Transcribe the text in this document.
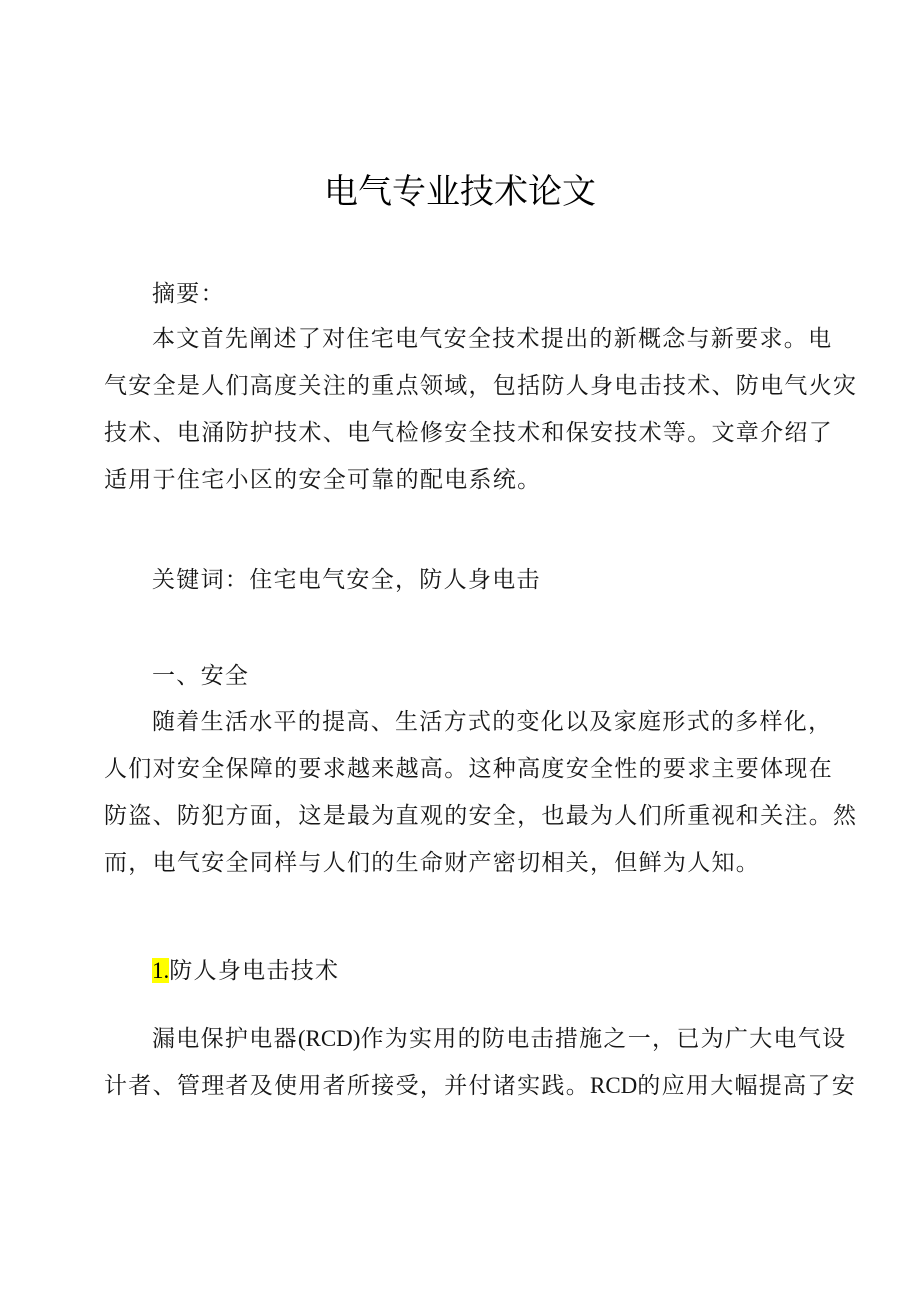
电气专业技术论文

摘要：

本文首先阐述了对住宅电气安全技术提出的新概念与新要求。电

气安全是人们高度关注的重点领域，包括防人身电击技术、防电气火灾

技术、电涌防护技术、电气检修安全技术和保安技术等。文章介绍了

适用于住宅小区的安全可靠的配电系统。

关键词：住宅电气安全，防人身电击

一、安全

随着生活水平的提高、生活方式的变化以及家庭形式的多样化，

人们对安全保障的要求越来越高。这种高度安全性的要求主要体现在

防盗、防犯方面，这是最为直观的安全，也最为人们所重视和关注。然

而，电气安全同样与人们的生命财产密切相关，但鲜为人知。

1.防人身电击技术

漏电保护电器(RCD)作为实用的防电击措施之一，已为广大电气设

计者、管理者及使用者所接受，并付诸实践。RCD的应用大幅提高了安
